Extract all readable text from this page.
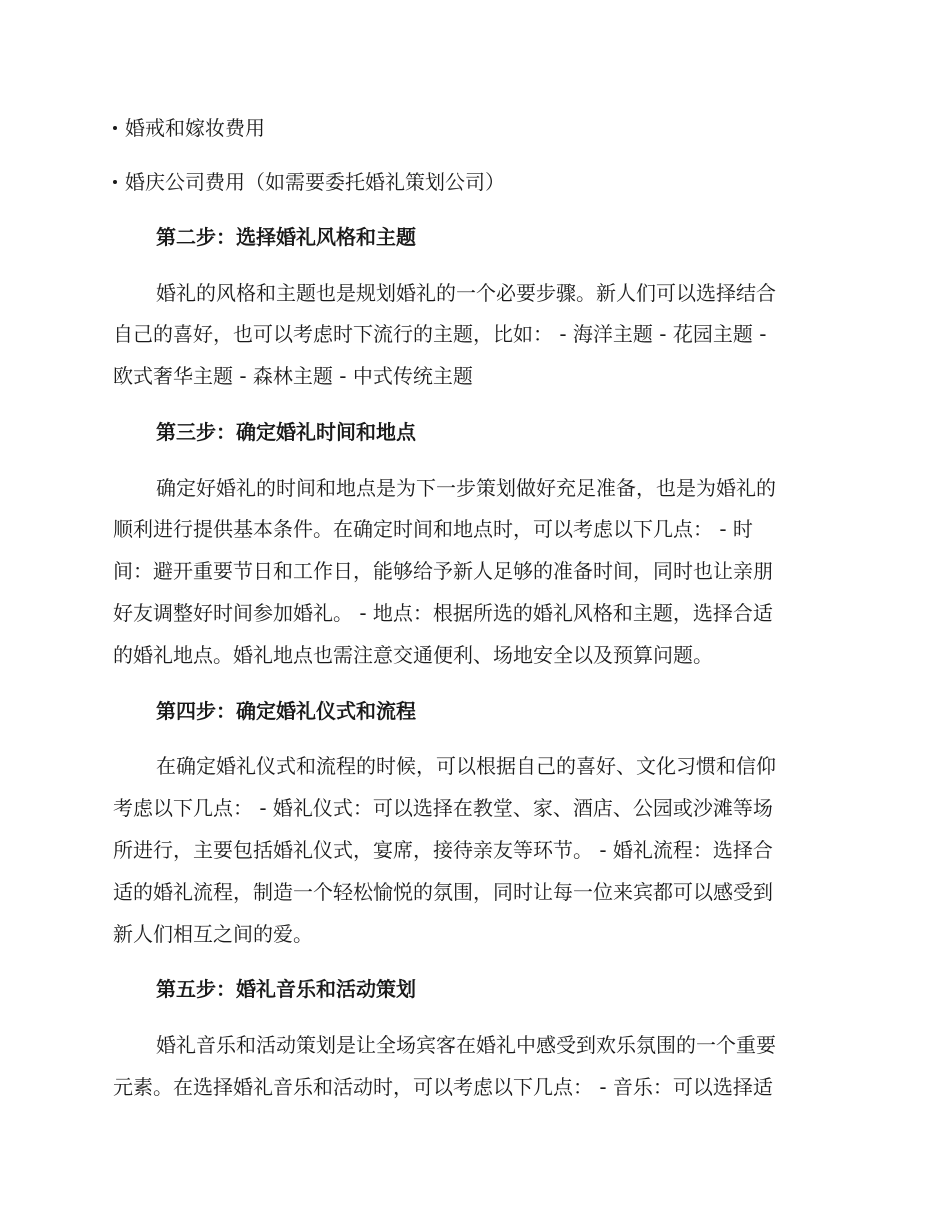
婚戒和嫁妆费用
婚庆公司费用（如需要委托婚礼策划公司）
第二步：选择婚礼风格和主题
婚礼的风格和主题也是规划婚礼的一个必要步骤。新人们可以选择结合
自己的喜好，也可以考虑时下流行的主题，比如： - 海洋主题 - 花园主题 -
欧式奢华主题 - 森林主题 - 中式传统主题
第三步：确定婚礼时间和地点
确定好婚礼的时间和地点是为下一步策划做好充足准备，也是为婚礼的
顺利进行提供基本条件。在确定时间和地点时，可以考虑以下几点： - 时
间：避开重要节日和工作日，能够给予新人足够的准备时间，同时也让亲朋
好友调整好时间参加婚礼。 - 地点：根据所选的婚礼风格和主题，选择合适
的婚礼地点。婚礼地点也需注意交通便利、场地安全以及预算问题。
第四步：确定婚礼仪式和流程
在确定婚礼仪式和流程的时候，可以根据自己的喜好、文化习惯和信仰
考虑以下几点： - 婚礼仪式：可以选择在教堂、家、酒店、公园或沙滩等场
所进行，主要包括婚礼仪式，宴席，接待亲友等环节。 - 婚礼流程：选择合
适的婚礼流程，制造一个轻松愉悦的氛围，同时让每一位来宾都可以感受到
新人们相互之间的爱。
第五步：婚礼音乐和活动策划
婚礼音乐和活动策划是让全场宾客在婚礼中感受到欢乐氛围的一个重要
元素。在选择婚礼音乐和活动时，可以考虑以下几点： - 音乐：可以选择适
